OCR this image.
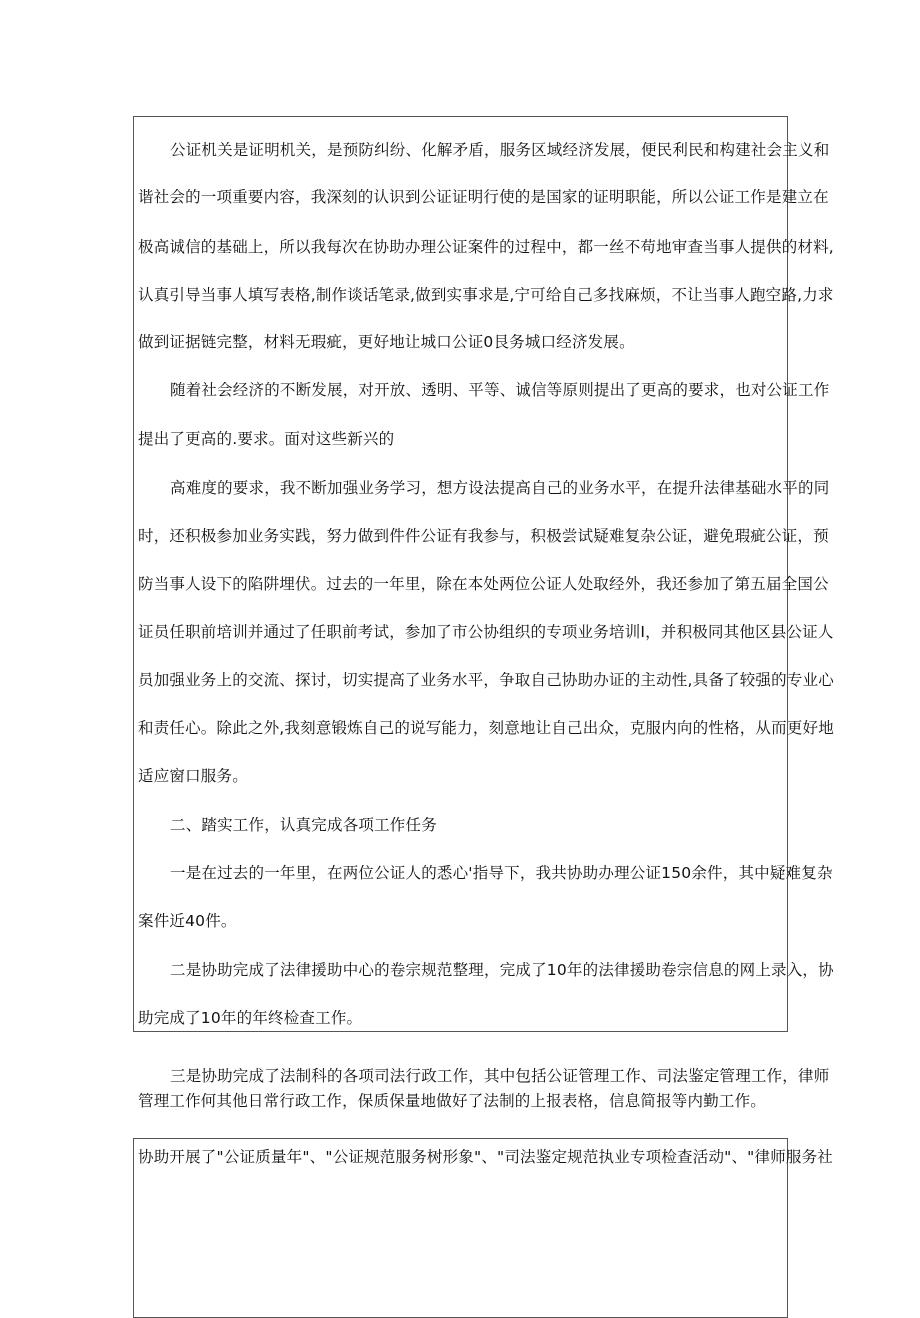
公证机关是证明机关，是预防纠纷、化解矛盾，服务区域经济发展，便民利民和构建社会主义和
谐社会的一项重要内容，我深刻的认识到公证证明行使的是国家的证明职能，所以公证工作是建立在
极高诚信的基础上，所以我每次在协助办理公证案件的过程中，都一丝不苟地审查当事人提供的材料,
认真引导当事人填写表格,制作谈话笔录,做到实事求是,宁可给自己多找麻烦，不让当事人跑空路,力求
做到证据链完整，材料无瑕疵，更好地让城口公证0艮务城口经济发展。
随着社会经济的不断发展，对开放、透明、平等、诚信等原则提出了更高的要求，也对公证工作
提出了更高的.要求。面对这些新兴的
高难度的要求，我不断加强业务学习，想方设法提高自己的业务水平，在提升法律基础水平的同
时，还积极参加业务实践，努力做到件件公证有我参与，积极尝试疑难复杂公证，避免瑕疵公证，预
防当事人设下的陷阱埋伏。过去的一年里，除在本处两位公证人处取经外，我还参加了第五届全国公
证员任职前培训并通过了任职前考试，参加了市公协组织的专项业务培训I，并积极同其他区县公证人
员加强业务上的交流、探讨，切实提高了业务水平，争取自己协助办证的主动性,具备了较强的专业心
和责任心。除此之外,我刻意锻炼自己的说写能力，刻意地让自己出众，克服内向的性格，从而更好地
适应窗口服务。
二、踏实工作，认真完成各项工作任务
一是在过去的一年里，在两位公证人的悉心'指导下，我共协助办理公证150余件，其中疑难复杂
案件近40件。
二是协助完成了法律援助中心的卷宗规范整理，完成了10年的法律援助卷宗信息的网上录入，协
助完成了10年的年终检查工作。
三是协助完成了法制科的各项司法行政工作，其中包括公证管理工作、司法鉴定管理工作，律师
管理工作何其他日常行政工作，保质保量地做好了法制的上报表格，信息简报等内勤工作。
协助开展了"公证质量年"、"公证规范服务树形象"、"司法鉴定规范执业专项检查活动"、"律师服务社
